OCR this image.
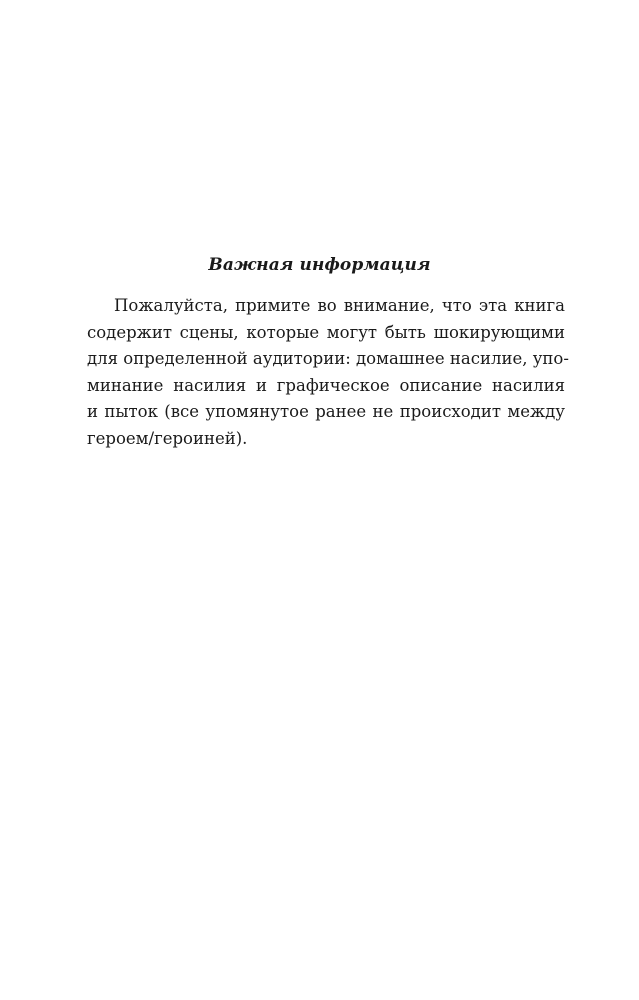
Важная информация
Пожалуйста, примите во внимание, что эта книга
содержит сцены, которые могут быть шокирующими
для определенной аудитории: домашнее насилие, упо-
минание насилия и графическое описание насилия
и пыток (все упомянутое ранее не происходит между
героем/героиней).
